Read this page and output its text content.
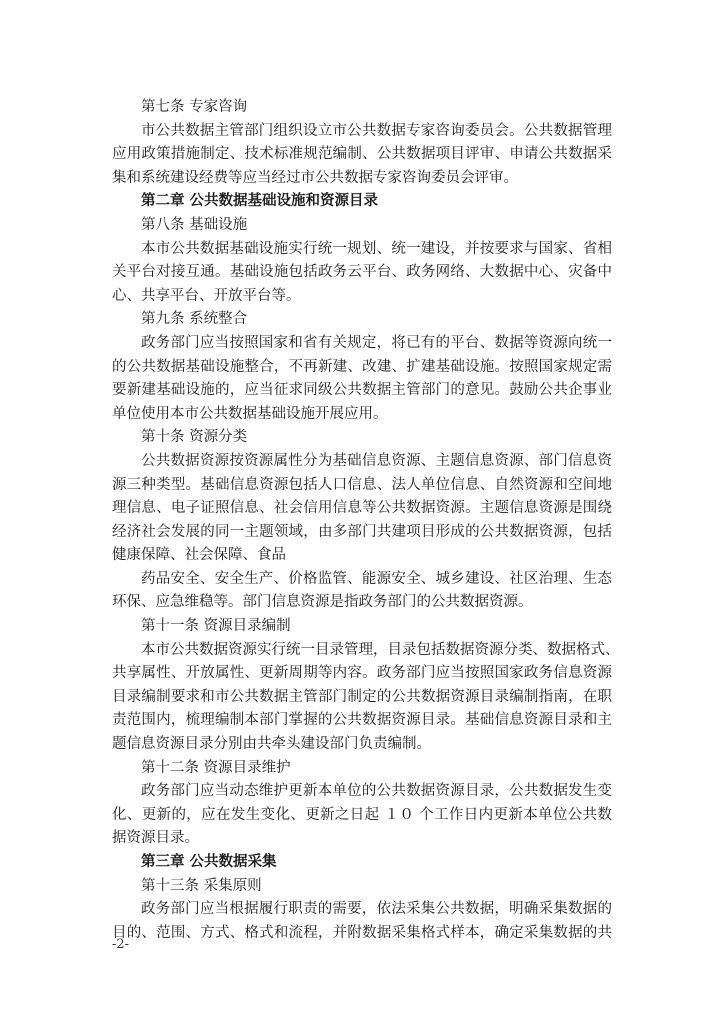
第七条 专家咨询
市公共数据主管部门组织设立市公共数据专家咨询委员会。公共数据管理
应用政策措施制定、技术标准规范编制、公共数据项目评审、申请公共数据采
集和系统建设经费等应当经过市公共数据专家咨询委员会评审。
第二章 公共数据基础设施和资源目录
第八条 基础设施
本市公共数据基础设施实行统一规划、统一建设，并按要求与国家、省相
关平台对接互通。基础设施包括政务云平台、政务网络、大数据中心、灾备中
心、共享平台、开放平台等。
第九条 系统整合
政务部门应当按照国家和省有关规定，将已有的平台、数据等资源向统一
的公共数据基础设施整合，不再新建、改建、扩建基础设施。按照国家规定需
要新建基础设施的，应当征求同级公共数据主管部门的意见。鼓励公共企事业
单位使用本市公共数据基础设施开展应用。
第十条 资源分类
公共数据资源按资源属性分为基础信息资源、主题信息资源、部门信息资
源三种类型。基础信息资源包括人口信息、法人单位信息、自然资源和空间地
理信息、电子证照信息、社会信用信息等公共数据资源。主题信息资源是围绕
经济社会发展的同一主题领域，由多部门共建项目形成的公共数据资源，包括
健康保障、社会保障、食品
药品安全、安全生产、价格监管、能源安全、城乡建设、社区治理、生态
环保、应急维稳等。部门信息资源是指政务部门的公共数据资源。
第十一条 资源目录编制
本市公共数据资源实行统一目录管理，目录包括数据资源分类、数据格式、
共享属性、开放属性、更新周期等内容。政务部门应当按照国家政务信息资源
目录编制要求和市公共数据主管部门制定的公共数据资源目录编制指南，在职
责范围内，梳理编制本部门掌握的公共数据资源目录。基础信息资源目录和主
题信息资源目录分别由共牵头建设部门负责编制。
第十二条 资源目录维护
政务部门应当动态维护更新本单位的公共数据资源目录，公共数据发生变
化、更新的，应在发生变化、更新之日起 １０ 个工作日内更新本单位公共数
据资源目录。
第三章 公共数据采集
第十三条 采集原则
政务部门应当根据履行职责的需要，依法采集公共数据，明确采集数据的
目的、范围、方式、格式和流程，并附数据采集格式样本，确定采集数据的共
-2-
